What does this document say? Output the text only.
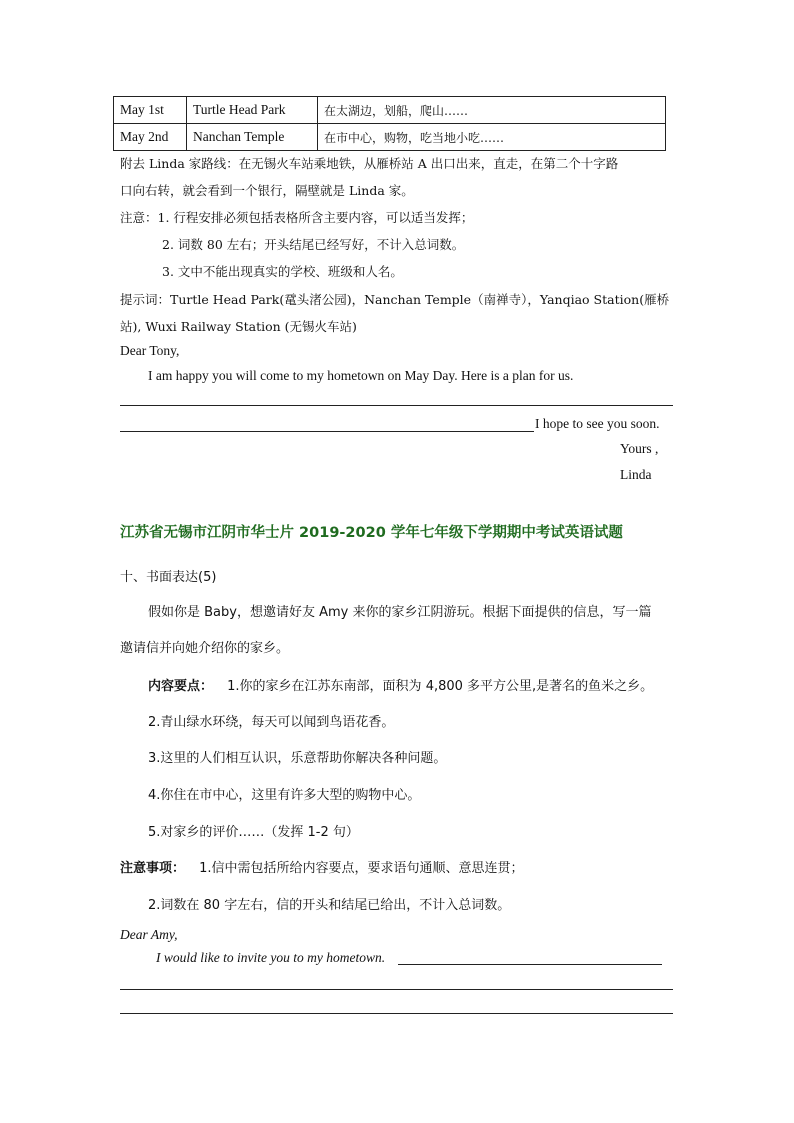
May 1st	Turtle Head Park	在太湖边，划船，爬山……
May 2nd	Nanchan Temple	在市中心，购物，吃当地小吃……
附去 Linda 家路线：在无锡火车站乘地铁，从雁桥站 A 出口出来，直走，在第二个十字路
口向右转，就会看到一个银行，隔壁就是 Linda 家。
注意：1. 行程安排必须包括表格所含主要内容，可以适当发挥；
2. 词数 80 左右；开头结尾已经写好，不计入总词数。
3. 文中不能出现真实的学校、班级和人名。
提示词：Turtle Head Park(鼋头渚公园)，Nanchan Temple（南禅寺），Yanqiao Station(雁桥
站), Wuxi Railway Station (无锡火车站)
Dear Tony,
I am happy you will come to my hometown on May Day. Here is a plan for us.
I hope to see you soon.
Yours ,
Linda
江苏省无锡市江阴市华士片 2019-2020 学年七年级下学期期中考试英语试题
十、书面表达(5)
假如你是 Baby，想邀请好友 Amy 来你的家乡江阴游玩。根据下面提供的信息，写一篇
邀请信并向她介绍你的家乡。
内容要点： 1.你的家乡在江苏东南部，面积为 4,800 多平方公里,是著名的鱼米之乡。
2.青山绿水环绕，每天可以闻到鸟语花香。
3.这里的人们相互认识，乐意帮助你解决各种问题。
4.你住在市中心，这里有许多大型的购物中心。
5.对家乡的评价……（发挥 1-2 句）
注意事项： 1.信中需包括所给内容要点，要求语句通顺、意思连贯；
2.词数在 80 字左右，信的开头和结尾已给出，不计入总词数。
Dear Amy,
I would like to invite you to my hometown.
